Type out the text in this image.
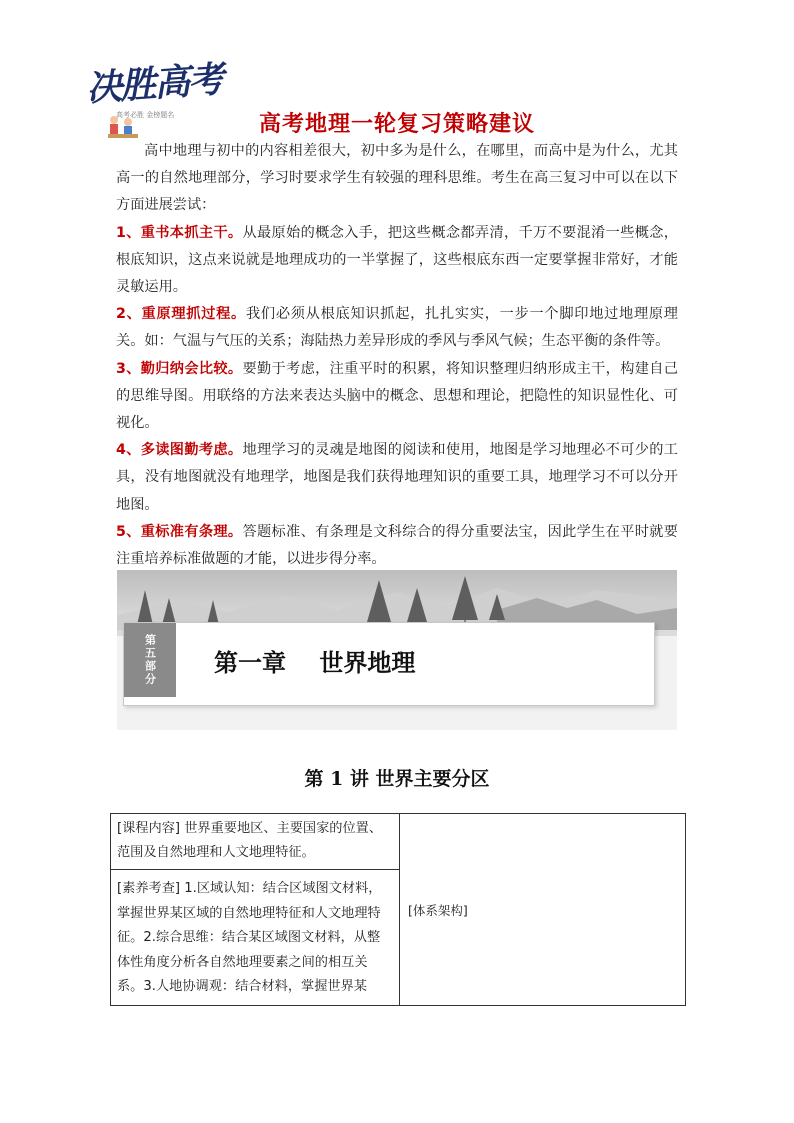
决胜高考
高考必胜 金榜题名	高考地理一轮复习策略建议

高中地理与初中的内容相差很大，初中多为是什么，在哪里，而高中是为什么，尤其高一的自然地理部分，学习时要求学生有较强的理科思维。考生在高三复习中可以在以下方面进展尝试：

1、重书本抓主干。从最原始的概念入手，把这些概念都弄清，千万不要混淆一些概念，根底知识，这点来说就是地理成功的一半掌握了，这些根底东西一定要掌握非常好，才能灵敏运用。

2、重原理抓过程。我们必须从根底知识抓起，扎扎实实，一步一个脚印地过地理原理关。如：气温与气压的关系；海陆热力差异形成的季风与季风气候；生态平衡的条件等。

3、勤归纳会比较。要勤于考虑，注重平时的积累，将知识整理归纳形成主干，构建自己的思维导图。用联络的方法来表达头脑中的概念、思想和理论，把隐性的知识显性化、可视化。

4、多读图勤考虑。地理学习的灵魂是地图的阅读和使用，地图是学习地理必不可少的工具，没有地图就没有地理学，地图是我们获得地理知识的重要工具，地理学习不可以分开地图。

5、重标准有条理。答题标准、有条理是文科综合的得分重要法宝，因此学生在平时就要注重培养标准做题的才能，以进步得分率。

第五部分	第一章    世界地理
第 1 讲 世界主要分区
[课程内容] 世界重要地区、主要国家的位置、范围及自然地理和人文地理特征。
[素养考查] 1.区域认知：结合区域图文材料，掌握世界某区域的自然地理特征和人文地理特征。2.综合思维：结合某区域图文材料，从整体性角度分析各自然地理要素之间的相互关系。3.人地协调观：结合材料，掌握世界某
[体系架构]
